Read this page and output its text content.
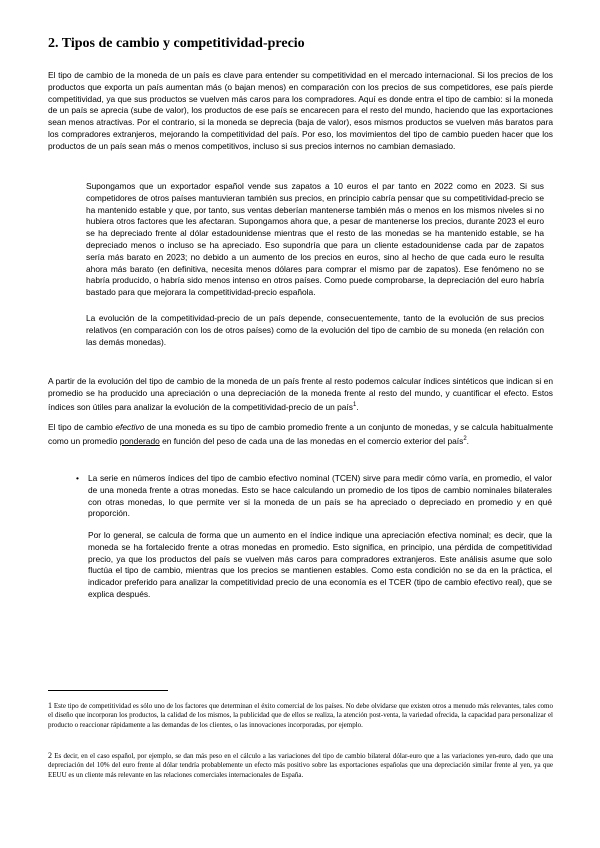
2. Tipos de cambio y competitividad-precio

El tipo de cambio de la moneda de un país es clave para entender su competitividad en el mercado internacional. Si los precios de los productos que exporta un país aumentan más (o bajan menos) en comparación con los precios de sus competidores, ese país pierde competitividad, ya que sus productos se vuelven más caros para los compradores. Aquí es donde entra el tipo de cambio: si la moneda de un país se aprecia (sube de valor), los productos de ese país se encarecen para el resto del mundo, haciendo que las exportaciones sean menos atractivas. Por el contrario, si la moneda se deprecia (baja de valor), esos mismos productos se vuelven más baratos para los compradores extranjeros, mejorando la competitividad del país. Por eso, los movimientos del tipo de cambio pueden hacer que los productos de un país sean más o menos competitivos, incluso si sus precios internos no cambian demasiado.

Supongamos que un exportador español vende sus zapatos a 10 euros el par tanto en 2022 como en 2023. Si sus competidores de otros países mantuvieran también sus precios, en principio cabría pensar que su competitividad-precio se ha mantenido estable y que, por tanto, sus ventas deberían mantenerse también más o menos en los mismos niveles si no hubiera otros factores que les afectaran. Supongamos ahora que, a pesar de mantenerse los precios, durante 2023 el euro se ha depreciado frente al dólar estadounidense mientras que el resto de las monedas se ha mantenido estable, se ha depreciado menos o incluso se ha apreciado. Eso supondría que para un cliente estadounidense cada par de zapatos sería más barato en 2023; no debido a un aumento de los precios en euros, sino al hecho de que cada euro le resulta ahora más barato (en definitiva, necesita menos dólares para comprar el mismo par de zapatos). Ese fenómeno no se habría producido, o habría sido menos intenso en otros países. Como puede comprobarse, la depreciación del euro habría bastado para que mejorara la competitividad-precio española.

La evolución de la competitividad-precio de un país depende, consecuentemente, tanto de la evolución de sus precios relativos (en comparación con los de otros países) como de la evolución del tipo de cambio de su moneda (en relación con las demás monedas).

A partir de la evolución del tipo de cambio de la moneda de un país frente al resto podemos calcular índices sintéticos que indican si en promedio se ha producido una apreciación o una depreciación de la moneda frente al resto del mundo, y cuantificar el efecto. Estos índices son útiles para analizar la evolución de la competitividad-precio de un país$^1$.

El tipo de cambio efectivo de una moneda es su tipo de cambio promedio frente a un conjunto de monedas, y se calcula habitualmente como un promedio ponderado en función del peso de cada una de las monedas en el comercio exterior del país$^2$.

• La serie en números índices del tipo de cambio efectivo nominal (TCEN) sirve para medir cómo varía, en promedio, el valor de una moneda frente a otras monedas. Esto se hace calculando un promedio de los tipos de cambio nominales bilaterales con otras monedas, lo que permite ver si la moneda de un país se ha apreciado o depreciado en promedio y en qué proporción.

Por lo general, se calcula de forma que un aumento en el índice indique una apreciación efectiva nominal; es decir, que la moneda se ha fortalecido frente a otras monedas en promedio. Esto significa, en principio, una pérdida de competitividad precio, ya que los productos del país se vuelven más caros para compradores extranjeros. Este análisis asume que solo fluctúa el tipo de cambio, mientras que los precios se mantienen estables. Como esta condición no se da en la práctica, el indicador preferido para analizar la competitividad precio de una economía es el TCER (tipo de cambio efectivo real), que se explica después.

$^1$ Este tipo de competitividad es sólo uno de los factores que determinan el éxito comercial de los países. No debe olvidarse que existen otros a menudo más relevantes, tales como el diseño que incorporan los productos, la calidad de los mismos, la publicidad que de ellos se realiza, la atención post-venta, la variedad ofrecida, la capacidad para personalizar el producto o reaccionar rápidamente a las demandas de los clientes, o las innovaciones incorporadas, por ejemplo.

$^2$ Es decir, en el caso español, por ejemplo, se dan más peso en el cálculo a las variaciones del tipo de cambio bilateral dólar-euro que a las variaciones yen-euro, dado que una depreciación del 10% del euro frente al dólar tendría probablemente un efecto más positivo sobre las exportaciones españolas que una depreciación similar frente al yen, ya que EEUU es un cliente más relevante en las relaciones comerciales internacionales de España.
